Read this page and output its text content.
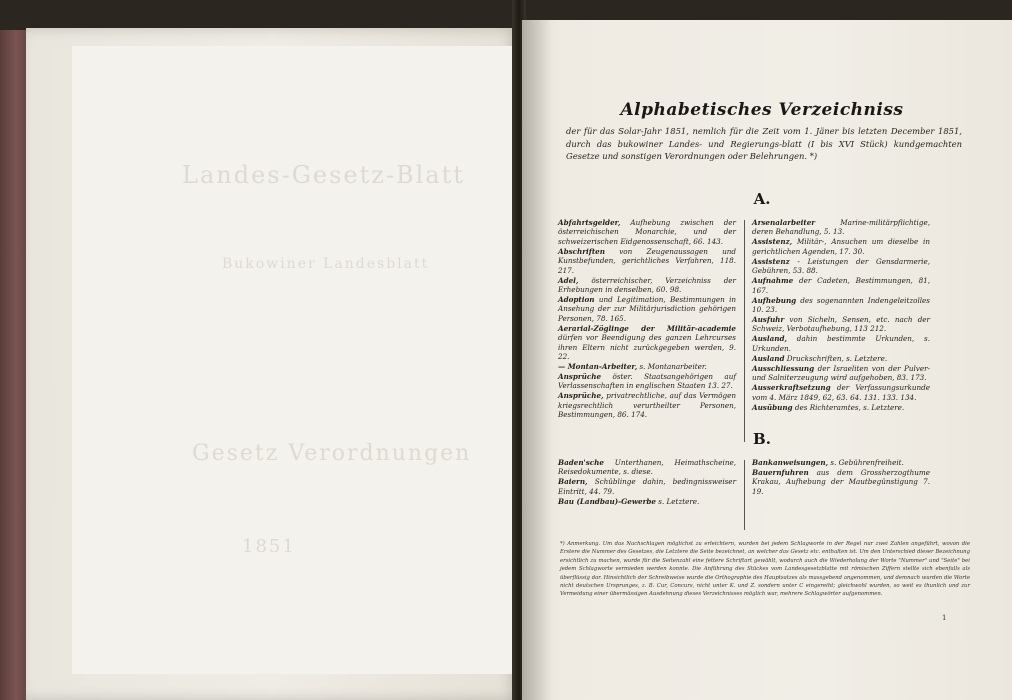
Landes-Gesetz-Blatt
Bukowiner Landesblatt
Gesetz Verordnungen
1851
Alphabetisches Verzeichniss
der für das Solar-Jahr 1851, nemlich für die Zeit vom 1. Jäner bis letzten December 1851, durch das bukowiner Landes- und Regierungs-blatt (I bis XVI Stück) kundgemachten Gesetze und sonstigen Verordnungen oder Belehrungen. *)
A.

Abfahrtsgelder, Aufhebung zwischen der österreichischen Monarchie, und der schweizerischen Eidgenossenschaft, 66. 143.

Abschriften von Zeugenaussagen und Kunstbefunden, gerichtliches Verfahren, 118. 217.

Adel, österreichischer, Verzeichniss der Erhebungen in denselben, 60. 98.

Adoption und Legitimation, Bestimmungen in Ansehung der zur Militärjurisdiction gehörigen Personen, 78. 165.

Aerarial-Zöglinge der Militär-academie dürfen vor Beendigung des ganzen Lehrcurses ihren Eltern nicht zurückgegeben werden, 9. 22.

— Montan-Arbeiter, s. Montanarbeiter.

Ansprüche öster. Staatsangehörigen auf Verlassenschaften in englischen Staaten 13. 27.

Ansprüche, privatrechtliche, auf das Vermögen kriegsrechtlich verurtheilter Personen, Bestimmungen, 86. 174.

Arsenalarbeiter Marine-militärpflichtige, deren Behandlung, 5. 13.

Assistenz, Militär-, Ansuchen um dieselbe in gerichtlichen Agenden, 17. 30.

Assistenz - Leistungen der Gensdarmerie, Gebühren, 53. 88.

Aufnahme der Cadeten, Bestimmungen, 81, 167.

Aufhebung des sogenannten Indengeleitzolles 10. 23.

Ausfuhr von Sicheln, Sensen, etc. nach der Schweiz, Verbotaufhebung, 113 212.

Ausland, dahin bestimmte Urkunden, s. Urkunden.

Ausland Druckschriften, s. Letztere.

Ausschliessung der Israeliten von der Pulver- und Salniterzeugung wird aufgehoben, 83. 173.

Ausserkraftsetzung der Verfassungsurkunde vom 4. März 1849, 62, 63. 64. 131. 133. 134.

Ausübung des Richteramtes, s. Letztere.

B.

Baden'sche Unterthanen, Heimathscheine, Reisedokumente, s. diese.

Baiern, Schüblinge dahin, bedingnissweiser Eintritt, 44. 79.

Bau (Landbau)-Gewerbe s. Letztere.

Bankanweisungen, s. Gebührenfreiheit.

Bauernfuhren aus dem Grossherzogthume Krakau, Aufhebung der Mautbegünstigung 7. 19.

*) Anmerkung. Um das Nachschlagen möglichst zu erleichtern, wurden bei jedem Schlagworte in der Regel nur zwei Zahlen angeführt, wovon die Erstere die Nummer des Gesetzes, die Letztere die Seite bezeichnet, an welcher das Gesetz etc. enthalten ist. Um den Unterschied dieser Bezeichnung ersichtlich zu machen, wurde für die Seitenzahl eine fettere Schriftart gewählt, wodurch auch die Wiederholung der Worte "Nummer" und "Seite" bei jedem Schlagworte vermieden werden konnte. Die Anführung des Stückes vom Landesgesetzblatte mit römischen Ziffern stellte sich ebenfalls als überflüssig dar. Hinsichtlich der Schreibweise wurde die Orthographie des Hauptsatzes als massgebend angenommen, und demnach wurden die Worte nicht deutschen Ursprunges, z. B. Cur, Concurs, nicht unter K. und Z. sondern unter C eingereiht; gleichwohl wurden, so weit es thunlich und zur Vermeidung einer übermässigen Ausdehnung dieses Verzeichnisses möglich war, mehrere Schlagwörter aufgenommen.
1
